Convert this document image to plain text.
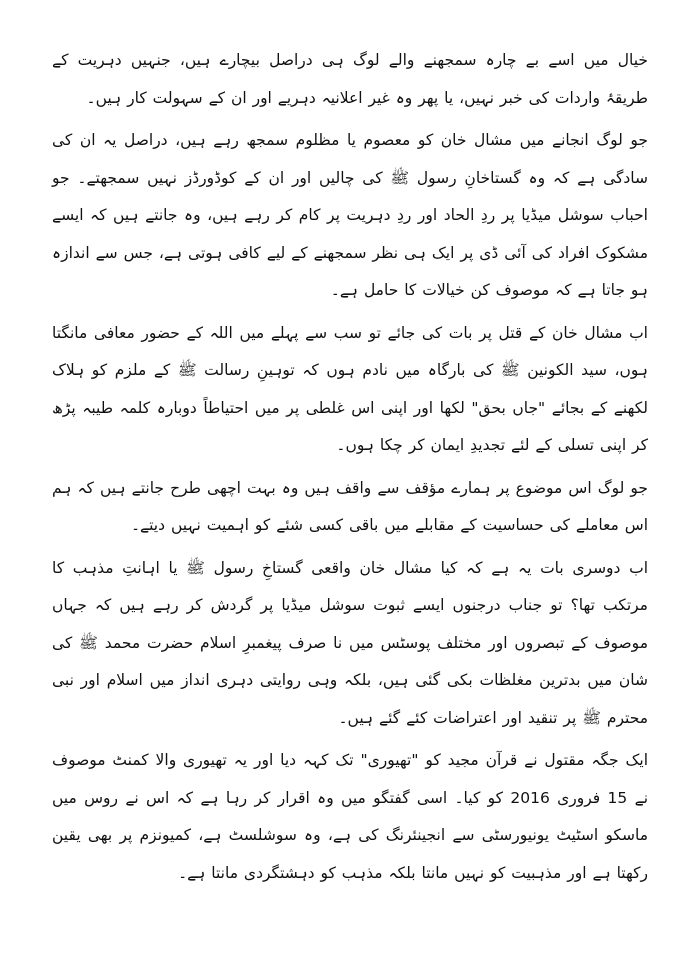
خیال میں اسے بے چارہ سمجھنے والے لوگ ہی دراصل بیچارے ہیں، جنہیں دہریت کے طریقۂ واردات کی خبر نہیں، یا پھر وہ غیر اعلانیہ دہریے اور ان کے سہولت کار ہیں۔

جو لوگ انجانے میں مشال خان کو معصوم یا مظلوم سمجھ رہے ہیں، دراصل یہ ان کی سادگی ہے کہ وہ گستاخانِ رسول ﷺ کی چالیں اور ان کے کوڈورڈز نہیں سمجھتے۔ جو احباب سوشل میڈیا پر ردِ الحاد اور ردِ دہریت پر کام کر رہے ہیں، وہ جانتے ہیں کہ ایسے مشکوک افراد کی آئی ڈی پر ایک ہی نظر سمجھنے کے لیے کافی ہوتی ہے، جس سے اندازہ ہو جاتا ہے کہ موصوف کن خیالات کا حامل ہے۔

اب مشال خان کے قتل پر بات کی جائے تو سب سے پہلے میں اللہ کے حضور معافی مانگتا ہوں، سید الکونین ﷺ کی بارگاہ میں نادم ہوں کہ توہینِ رسالت ﷺ کے ملزم کو ہلاک لکھنے کے بجائے "جاں بحق" لکھا اور اپنی اس غلطی پر میں احتیاطاً دوبارہ کلمہ طیبہ پڑھ کر اپنی تسلی کے لئے تجدیدِ ایمان کر چکا ہوں۔

جو لوگ اس موضوع پر ہمارے مؤقف سے واقف ہیں وہ بہت اچھی طرح جانتے ہیں کہ ہم اس معاملے کی حساسیت کے مقابلے میں باقی کسی شئے کو اہمیت نہیں دیتے۔

اب دوسری بات یہ ہے کہ کیا مشال خان واقعی گستاخِ رسول ﷺ یا اہانتِ مذہب کا مرتکب تھا؟ تو جناب درجنوں ایسے ثبوت سوشل میڈیا پر گردش کر رہے ہیں کہ جہاں موصوف کے تبصروں اور مختلف پوسٹس میں نا صرف پیغمبرِ اسلام حضرت محمد ﷺ کی شان میں بدترین مغلظات بکی گئی ہیں، بلکہ وہی روایتی دہری انداز میں اسلام اور نبی محترم ﷺ پر تنقید اور اعتراضات کئے گئے ہیں۔

ایک جگہ مقتول نے قرآن مجید کو "تھیوری" تک کہہ دیا اور یہ تھیوری والا کمنٹ موصوف نے 15 فروری 2016 کو کیا۔ اسی گفتگو میں وہ اقرار کر رہا ہے کہ اس نے روس میں ماسکو اسٹیٹ یونیورسٹی سے انجینئرنگ کی ہے، وہ سوشلسٹ ہے، کمیونزم پر بھی یقین رکھتا ہے اور مذہبیت کو نہیں مانتا بلکہ مذہب کو دہشتگردی مانتا ہے۔
